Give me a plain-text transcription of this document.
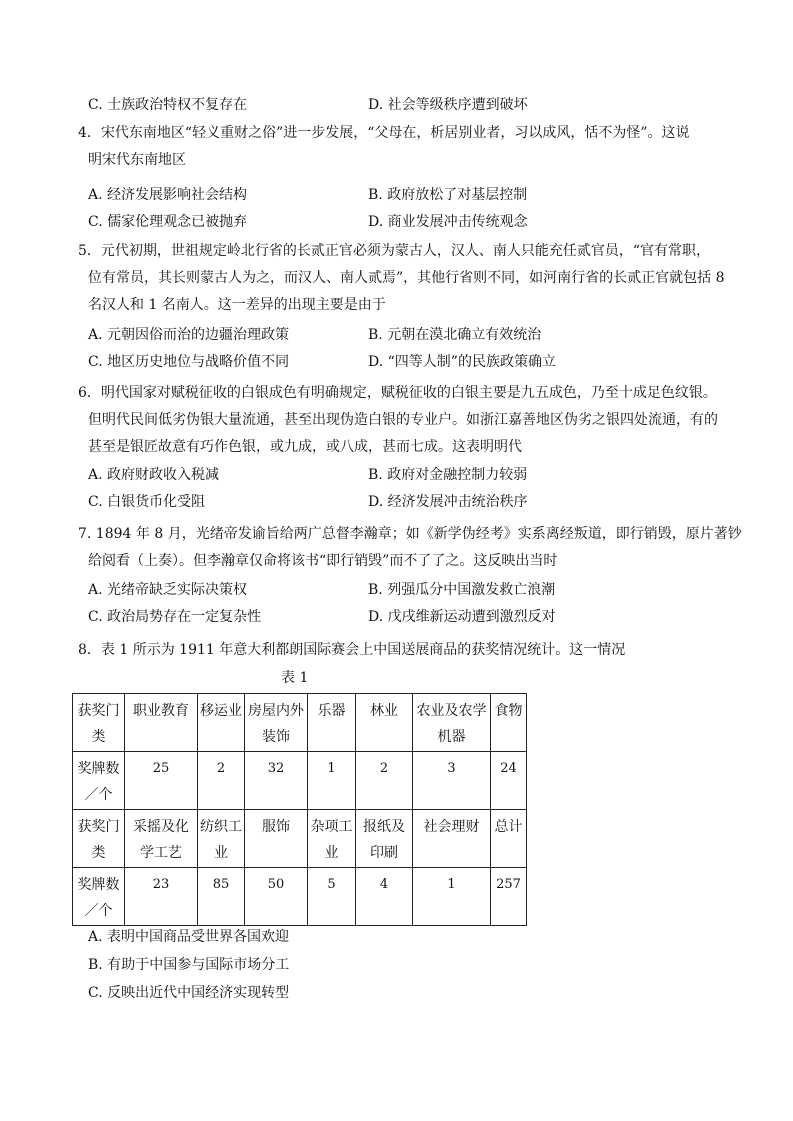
C. 士族政治特权不复存在	D. 社会等级秩序遭到破坏
4．宋代东南地区“轻义重财之俗”进一步发展，“父母在，析居别业者，习以成风，恬不为怪”。这说
明宋代东南地区
A. 经济发展影响社会结构	B. 政府放松了对基层控制
C. 儒家伦理观念已被抛弃	D. 商业发展冲击传统观念
5．元代初期，世祖规定岭北行省的长贰正官必须为蒙古人，汉人、南人只能充任贰官员，“官有常职，
位有常员，其长则蒙古人为之，而汉人、南人贰焉”，其他行省则不同，如河南行省的长贰正官就包括 8
名汉人和 1 名南人。这一差异的出现主要是由于
A. 元朝因俗而治的边疆治理政策	B. 元朝在漠北确立有效统治
C. 地区历史地位与战略价值不同	D. “四等人制”的民族政策确立
6．明代国家对赋税征收的白银成色有明确规定，赋税征收的白银主要是九五成色，乃至十成足色纹银。
但明代民间低劣伪银大量流通，甚至出现伪造白银的专业户。如浙江嘉善地区伪劣之银四处流通，有的
甚至是银匠故意有巧作色银，或九成，或八成，甚而七成。这表明明代
A. 政府财政收入税减	B. 政府对金融控制力较弱
C. 白银货币化受阻	D. 经济发展冲击统治秩序
7. 1894 年 8 月，光绪帝发谕旨给两广总督李瀚章；如《新学伪经考》实系离经叛道，即行销毁，原片著钞
给阅看（上奏）。但李瀚章仅命将该书“即行销毁”而不了了之。这反映出当时
A. 光绪帝缺乏实际决策权	B. 列强瓜分中国激发救亡浪潮
C. 政治局势存在一定复杂性	D. 戊戌维新运动遭到激烈反对
8．表 1 所示为 1911 年意大利都朗国际赛会上中国送展商品的获奖情况统计。这一情况
表 1
获奖门类	职业教育	移运业	房屋内外装饰	乐器	林业	农业及农学机器	食物
奖牌数／个	25	2	32	1	2	3	24
获奖门类	采摇及化学工艺	纺织工业	服饰	杂项工业	报纸及印刷	社会理财	总计
奖牌数／个	23	85	50	5	4	1	257
A. 表明中国商品受世界各国欢迎
B. 有助于中国参与国际市场分工
C. 反映出近代中国经济实现转型
